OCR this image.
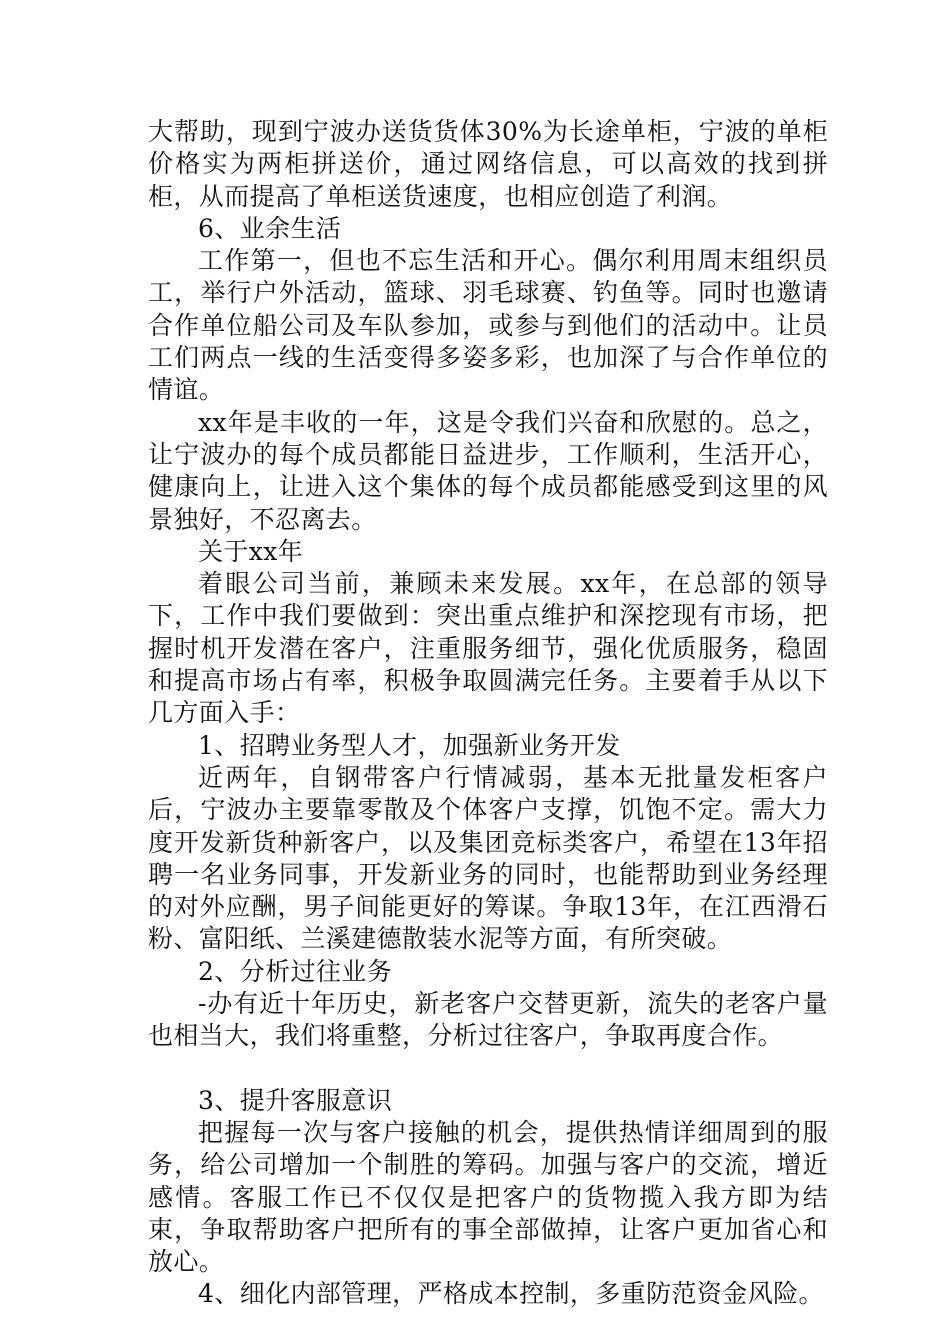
大帮助，现到宁波办送货货体30%为长途单柜，宁波的单柜价格实为两柜拼送价，通过网络信息，可以高效的找到拼柜，从而提高了单柜送货速度，也相应创造了利润。

6、业余生活

工作第一，但也不忘生活和开心。偶尔利用周末组织员工，举行户外活动，篮球、羽毛球赛、钓鱼等。同时也邀请合作单位船公司及车队参加，或参与到他们的活动中。让员工们两点一线的生活变得多姿多彩，也加深了与合作单位的情谊。

xx年是丰收的一年，这是令我们兴奋和欣慰的。总之，让宁波办的每个成员都能日益进步，工作顺利，生活开心，健康向上，让进入这个集体的每个成员都能感受到这里的风景独好，不忍离去。

关于xx年

着眼公司当前，兼顾未来发展。xx年，在总部的领导下，工作中我们要做到：突出重点维护和深挖现有市场，把握时机开发潜在客户，注重服务细节，强化优质服务，稳固和提高市场占有率，积极争取圆满完任务。主要着手从以下几方面入手：

1、招聘业务型人才，加强新业务开发

近两年，自钢带客户行情减弱，基本无批量发柜客户后，宁波办主要靠零散及个体客户支撑，饥饱不定。需大力度开发新货种新客户，以及集团竞标类客户，希望在13年招聘一名业务同事，开发新业务的同时，也能帮助到业务经理的对外应酬，男子间能更好的筹谋。争取13年，在江西滑石粉、富阳纸、兰溪建德散装水泥等方面，有所突破。

2、分析过往业务

-办有近十年历史，新老客户交替更新，流失的老客户量也相当大，我们将重整，分析过往客户，争取再度合作。

3、提升客服意识

把握每一次与客户接触的机会，提供热情详细周到的服务，给公司增加一个制胜的筹码。加强与客户的交流，增近感情。客服工作已不仅仅是把客户的货物揽入我方即为结束，争取帮助客户把所有的事全部做掉，让客户更加省心和放心。

4、细化内部管理，严格成本控制，多重防范资金风险。
